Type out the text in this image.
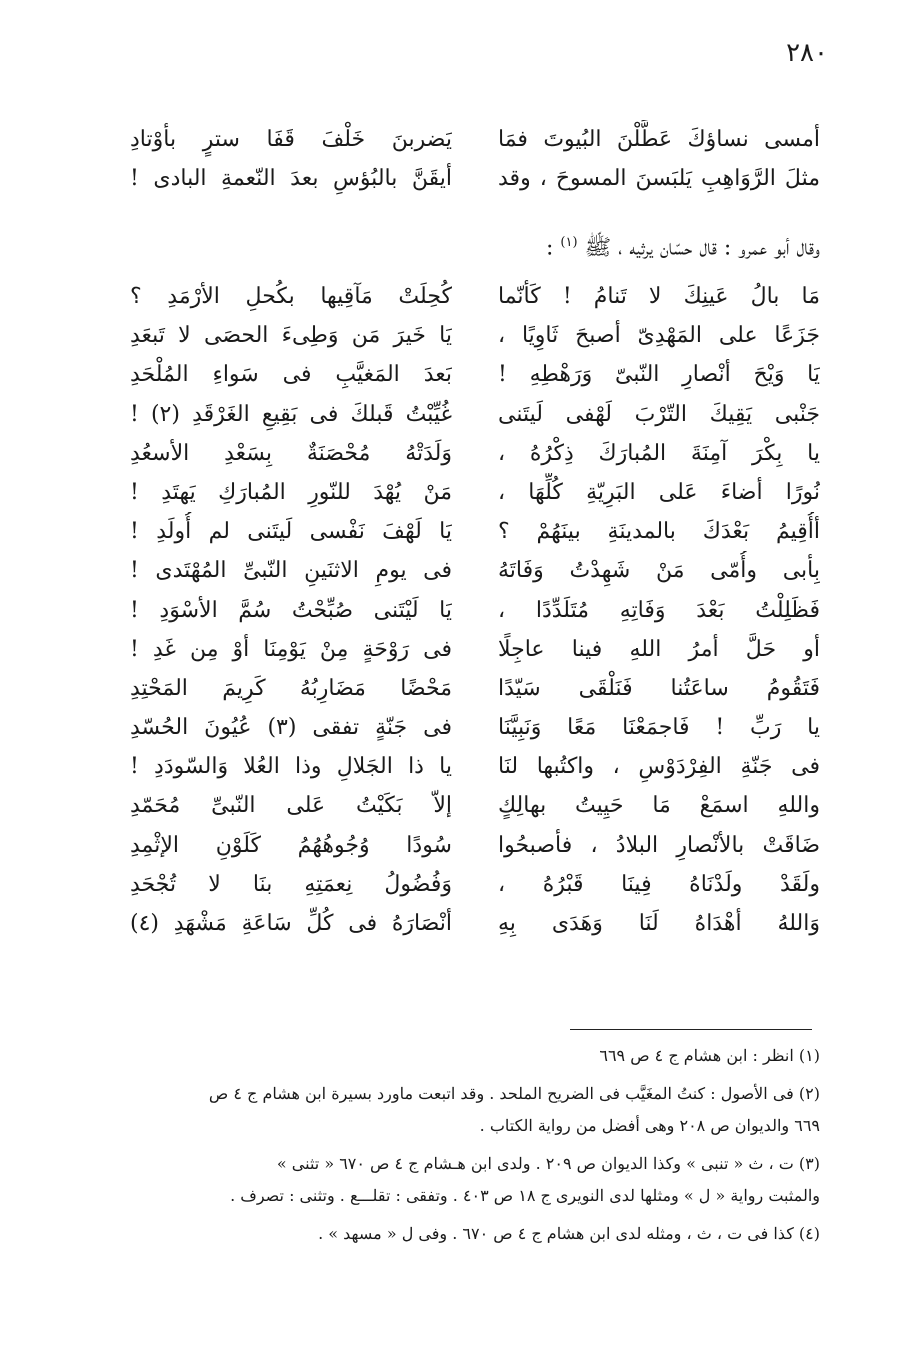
٢٨٠
أمسى نساؤكَ عَطَّلْنَ البُيوتَ فمَا
يَضربنَ خَلْفَ قَفَا سترٍ بأوْتادِ
مثلَ الرَّوَاهِبِ يَلبَسنَ المسوحَ ، وقد
أيقَنَّ بالبُؤسِ بعدَ النّعمةِ البادى !
وقال أبو عمرو : قال حسّان يرثيه ، ﷺ $^{(١)}$ :
مَا بالُ عَينِكَ لا تَنامُ ! كَأنّما
كُحِلَتْ مَآقِيها بكُحلِ الأرْمَدِ ؟
جَزَعًا على المَهْدِىّ أصبحَ ثَاوِيًا ،
يَا خَيرَ مَن وَطِىءَ الحصَى لا تَبعَدِ
يَا وَيْحَ أنْصارِ النّبىّ وَرَهْطِهِ !
بَعدَ المَغيَّبِ فى سَواءِ المُلْحَدِ
جَنْبى يَقِيكَ التّرْبَ لَهْفى لَيتَنى
غُيِّبْتُ قَبلكَ فى بَقِيعِ الغَرْقَدِ (٢) !
يا بِكْرَ آمِنَةَ المُبارَكَ ذِكْرُهُ ،
وَلَدَتْهُ مُحْصَنَةٌ بِسَعْدِ الأسعُدِ
نُورًا أضاءَ عَلى البَرِيّةِ كُلِّهَا ،
مَنْ يُهْدَ للنّورِ المُبارَكِ يَهتَدِ !
أأُقِيمُ بَعْدَكَ بالمدينَةِ بينَهُمْ ؟
يَا لَهْفَ نَفْسى لَيتَنى لم أُولَدِ !
بِأبى وأُمّى مَنْ شَهِدْتُ وَفَاتَهُ
فى يومِ الاثنَينِ النّبىِّ المُهْتَدى !
فَظَلِلْتُ بَعْدَ وَفَاتِهِ مُتَلَدِّدًا ،
يَا لَيْتَنى صُبِّحْتُ سُمَّ الأسْوَدِ !
أو حَلَّ أمرُ اللهِ فينا عاجِلًا
فى رَوْحَةٍ مِنْ يَوْمِنَا أوْ مِن غَدِ !
فَتَقُومُ ساعَتُنا فَنَلْقَى سَيّدًا
مَحْضًا مَضَارِبُهُ كَرِيمَ المَحْتِدِ
يا رَبِّ ! فَاجمَعْنَا مَعًا وَنَبِيَّنَا
فى جَنّةٍ تفقى (٣) عُيُونَ الحُسّدِ
فى جَنّةِ الفِرْدَوْسِ ، واكتُبها لنَا
يا ذا الجَلالِ وذا العُلا وَالسّودَدِ !
واللهِ اسمَعْ مَا حَيِيتُ بهالِكٍ
إلاّ بَكَيْتُ عَلى النّبىِّ مُحَمّدِ
ضَاقَتْ بالأنْصارِ البلادُ ، فأصبحُوا
سُودًا وُجُوهُهُمُ كَلَوْنِ الإثْمِدِ
ولَقَدْ ولَدْنَاهُ فِينَا قَبْرُهُ ،
وَفُضُولُ نِعمَتِهِ بنَا لا تُجْحَدِ
وَاللهُ أهْدَاهُ لَنَا وَهَدَى بِهِ
أنْصَارَهُ فى كُلِّ سَاعَةِ مَشْهَدِ (٤)
(١) انظر : ابن هشام ج ٤ ص ٦٦٩
(٢) فى الأصول : كنتُ المغَيَّب فى الضريح الملحد . وقد اتبعت ماورد بسيرة ابن هشام ج ٤ ص
٦٦٩ والديوان ص ٢٠٨ وهى أفضل من رواية الكتاب .
(٣) ت ، ث « تنبى » وكذا الديوان ص ٢٠٩ . ولدى ابن هـشام ج ٤ ص ٦٧٠ « تثنى »
والمثبت رواية « ل » ومثلها لدى النويرى ج ١٨ ص ٤٠٣ . وتفقى : تقلـــع . وتثنى : تصرف .
(٤) كذا فى ت ، ث ، ومثله لدى ابن هشام ج ٤ ص ٦٧٠ . وفى ل « مسهد » .
